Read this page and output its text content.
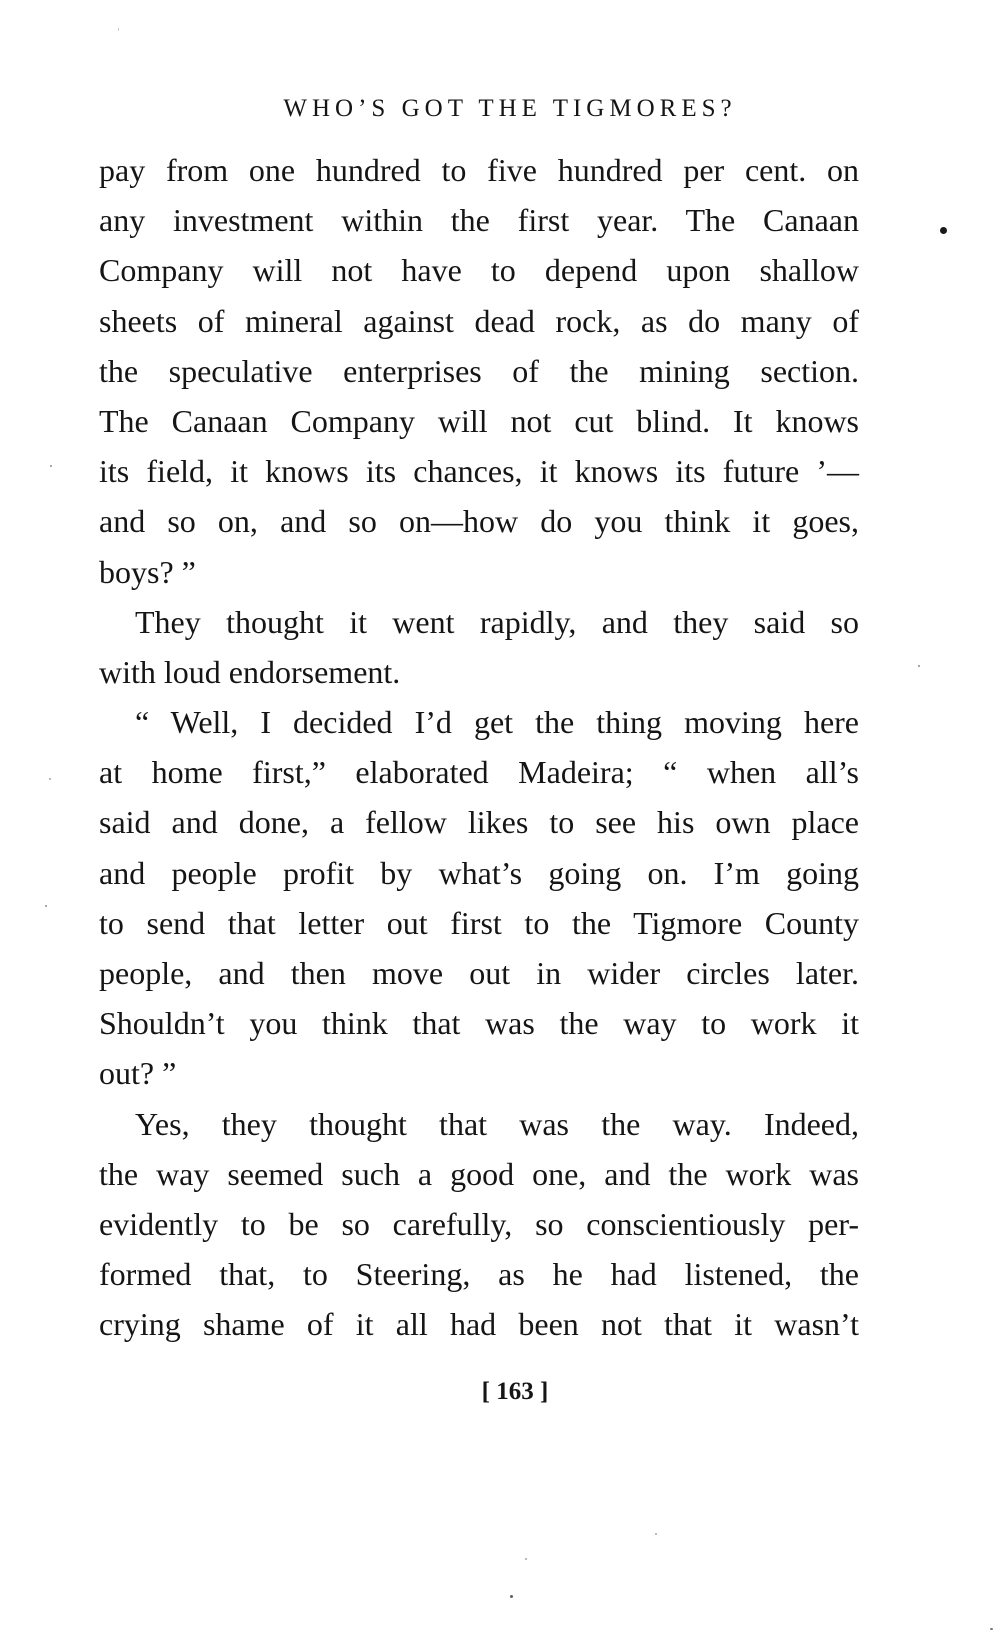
WHO’S GOT THE TIGMORES?
pay from one hundred to five hundred per cent. on
any investment within the first year. The Canaan
Company will not have to depend upon shallow
sheets of mineral against dead rock, as do many of
the speculative enterprises of the mining section.
The Canaan Company will not cut blind. It knows
its field, it knows its chances, it knows its future ’—
and so on, and so on—how do you think it goes,
boys? ”
They thought it went rapidly, and they said so
with loud endorsement.
“ Well, I decided I’d get the thing moving here
at home first,” elaborated Madeira; “ when all’s
said and done, a fellow likes to see his own place
and people profit by what’s going on. I’m going
to send that letter out first to the Tigmore County
people, and then move out in wider circles later.
Shouldn’t you think that was the way to work it
out? ”
Yes, they thought that was the way. Indeed,
the way seemed such a good one, and the work was
evidently to be so carefully, so conscientiously per-
formed that, to Steering, as he had listened, the
crying shame of it all had been not that it wasn’t
[ 163 ]
